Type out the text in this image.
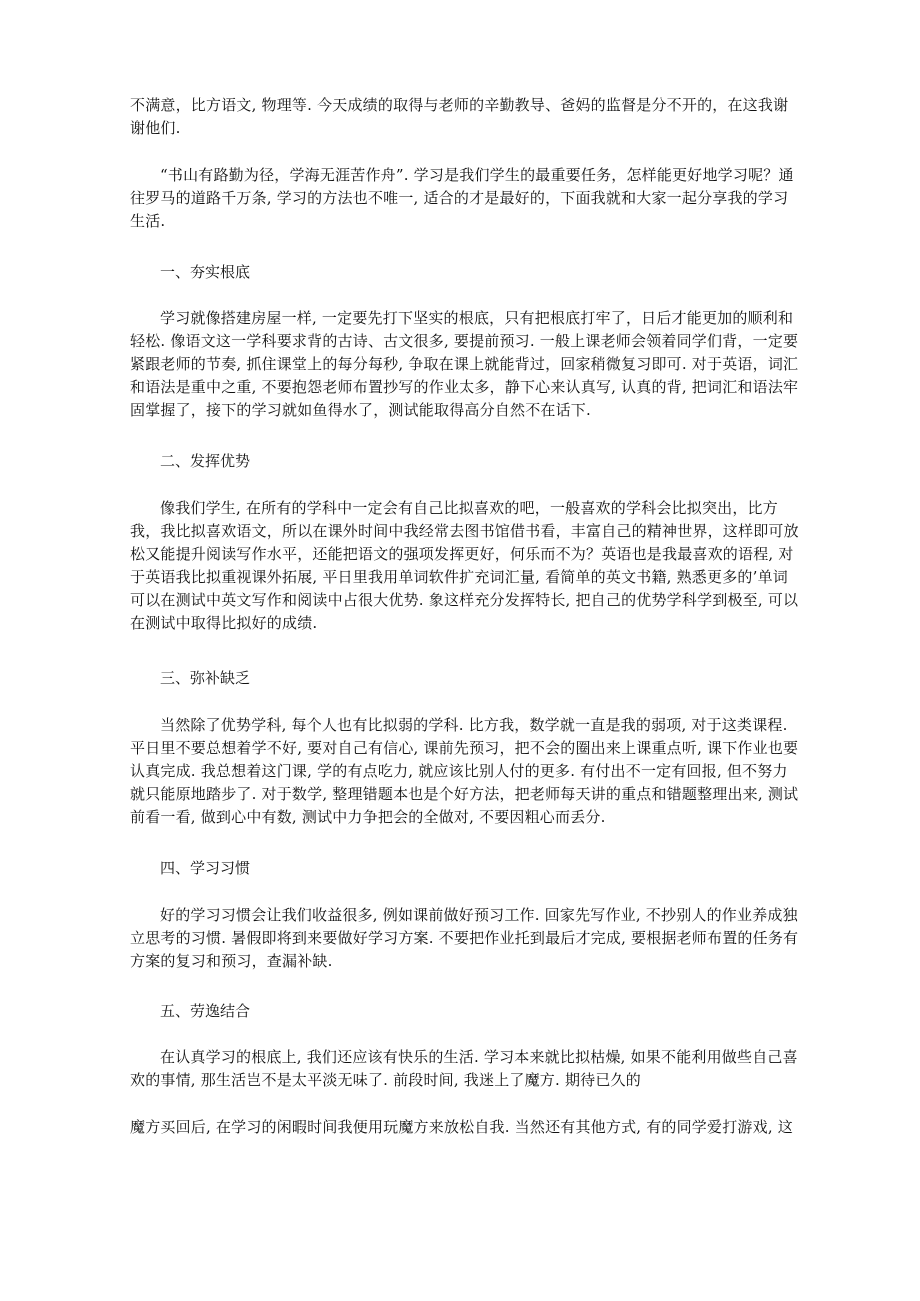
不满意，比方语文, 物理等. 今天成绩的取得与老师的辛勤教导、爸妈的监督是分不开的，在这我谢谢他们.

“书山有路勤为径，学海无涯苦作舟”. 学习是我们学生的最重要任务，怎样能更好地学习呢？通往罗马的道路千万条, 学习的方法也不唯一, 适合的才是最好的，下面我就和大家一起分享我的学习生活.

一、夯实根底

学习就像搭建房屋一样, 一定要先打下坚实的根底，只有把根底打牢了，日后才能更加的顺利和轻松. 像语文这一学科要求背的古诗、古文很多, 要提前预习. 一般上课老师会领着同学们背，一定要紧跟老师的节奏, 抓住课堂上的每分每秒, 争取在课上就能背过，回家稍微复习即可. 对于英语，词汇和语法是重中之重, 不要抱怨老师布置抄写的作业太多，静下心来认真写, 认真的背, 把词汇和语法牢固掌握了，接下的学习就如鱼得水了，测试能取得高分自然不在话下.

二、发挥优势

像我们学生, 在所有的学科中一定会有自己比拟喜欢的吧，一般喜欢的学科会比拟突出，比方我，我比拟喜欢语文，所以在课外时间中我经常去图书馆借书看，丰富自己的精神世界，这样即可放松又能提升阅读写作水平，还能把语文的强项发挥更好，何乐而不为？英语也是我最喜欢的语程, 对于英语我比拟重视课外拓展, 平日里我用单词软件扩充词汇量, 看简单的英文书籍, 熟悉更多的’单词可以在测试中英文写作和阅读中占很大优势. 象这样充分发挥特长, 把自己的优势学科学到极至, 可以在测试中取得比拟好的成绩.

三、弥补缺乏

当然除了优势学科, 每个人也有比拟弱的学科. 比方我，数学就一直是我的弱项, 对于这类课程. 平日里不要总想着学不好, 要对自己有信心, 课前先预习，把不会的圈出来上课重点听, 课下作业也要认真完成. 我总想着这门课, 学的有点吃力, 就应该比别人付的更多. 有付出不一定有回报, 但不努力就只能原地踏步了. 对于数学, 整理错题本也是个好方法，把老师每天讲的重点和错题整理出来, 测试前看一看, 做到心中有数, 测试中力争把会的全做对, 不要因粗心而丢分.

四、学习习惯

好的学习习惯会让我们收益很多, 例如课前做好预习工作. 回家先写作业, 不抄别人的作业养成独立思考的习惯. 暑假即将到来要做好学习方案. 不要把作业托到最后才完成, 要根据老师布置的任务有方案的复习和预习，查漏补缺.

五、劳逸结合

在认真学习的根底上, 我们还应该有快乐的生活. 学习本来就比拟枯燥, 如果不能利用做些自己喜欢的事情, 那生活岂不是太平淡无味了. 前段时间, 我迷上了魔方. 期待已久的

魔方买回后, 在学习的闲暇时间我便用玩魔方来放松自我. 当然还有其他方式, 有的同学爱打游戏, 这
